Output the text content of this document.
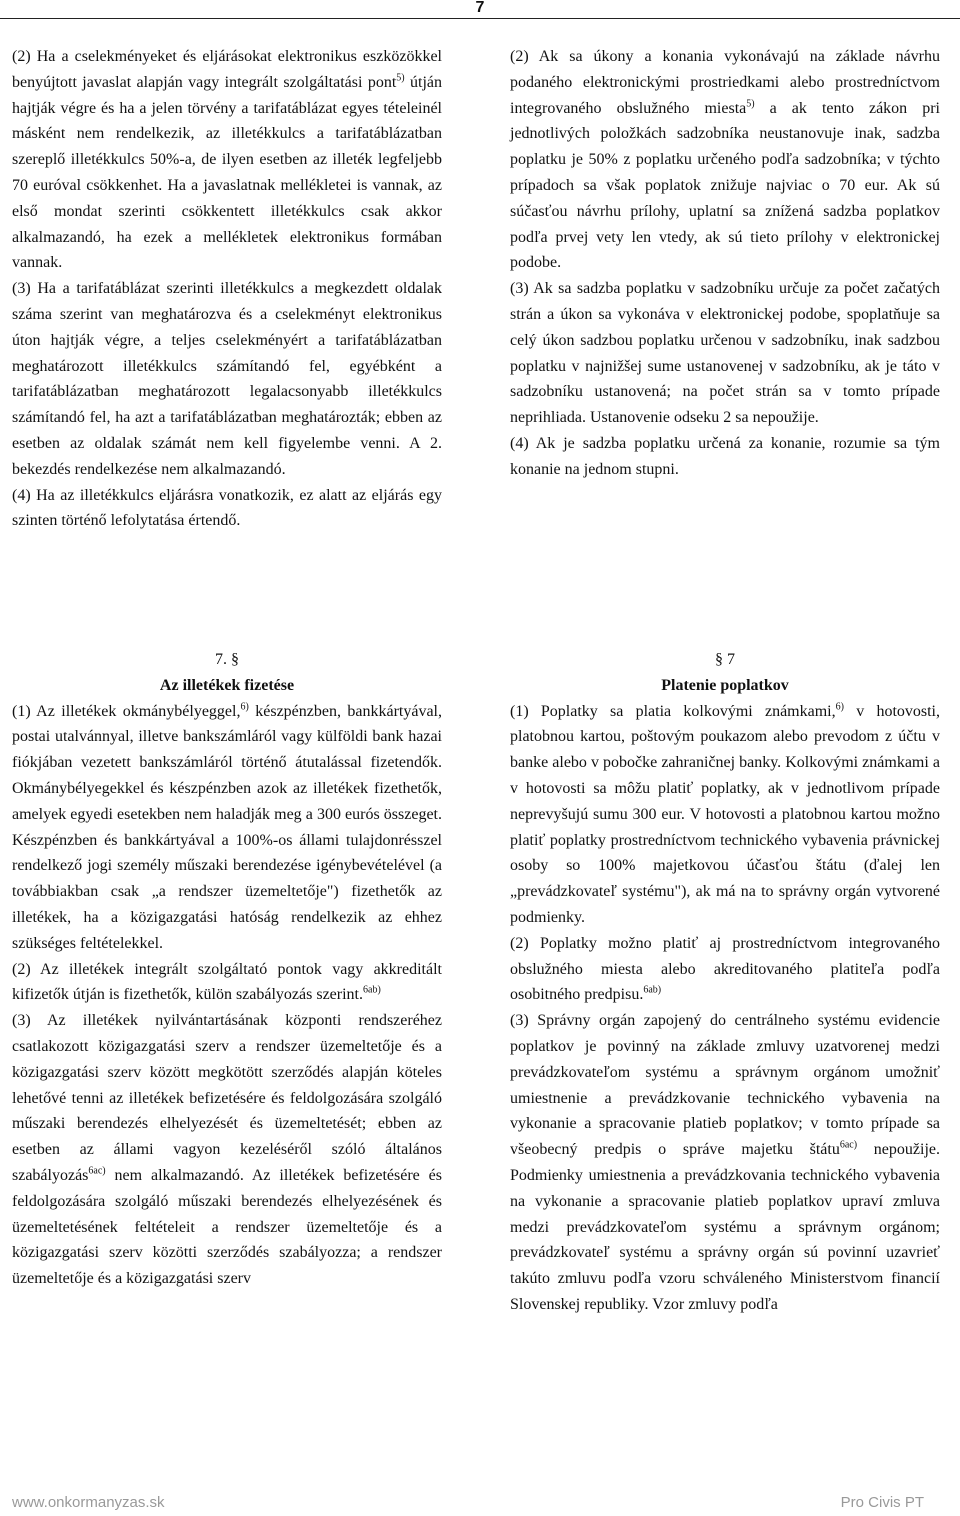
7

(2) Ha a cselekményeket és eljárásokat elektronikus eszközökkel benyújtott javaslat alapján vagy integrált szolgáltatási pont$^{5)}$ útján hajtják végre és ha a jelen törvény a tarifatáblázat egyes tételeinél másként nem rendelkezik, az illetékkulcs a tarifatáblázatban szereplő illetékkulcs 50%-a, de ilyen esetben az illeték legfeljebb 70 euróval csökkenhet. Ha a javaslatnak mellékletei is vannak, az első mondat szerinti csökkentett illetékkulcs csak akkor alkalmazandó, ha ezek a mellékletek elektronikus formában vannak.

(3) Ha a tarifatáblázat szerinti illetékkulcs a megkezdett oldalak száma szerint van meghatározva és a cselekményt elektronikus úton hajtják végre, a teljes cselekményért a tarifatáblázatban meghatározott illetékkulcs számítandó fel, egyébként a tarifatáblázatban meghatározott legalacsonyabb illetékkulcs számítandó fel, ha azt a tarifatáblázatban meghatározták; ebben az esetben az oldalak számát nem kell figyelembe venni. A 2. bekezdés rendelkezése nem alkalmazandó.

(4) Ha az illetékkulcs eljárásra vonatkozik, ez alatt az eljárás egy szinten történő lefolytatása értendő.

(2) Ak sa úkony a konania vykonávajú na základe návrhu podaného elektronickými prostriedkami alebo prostredníctvom integrovaného obslužného miesta$^{5)}$ a ak tento zákon pri jednotlivých položkách sadzobníka neustanovuje inak, sadzba poplatku je 50% z poplatku určeného podľa sadzobníka; v týchto prípadoch sa však poplatok znižuje najviac o 70 eur. Ak sú súčasťou návrhu prílohy, uplatní sa znížená sadzba poplatkov podľa prvej vety len vtedy, ak sú tieto prílohy v elektronickej podobe.

(3) Ak sa sadzba poplatku v sadzobníku určuje za počet začatých strán a úkon sa vykonáva v elektronickej podobe, spoplatňuje sa celý úkon sadzbou poplatku určenou v sadzobníku, inak sadzbou poplatku v najnižšej sume ustanovenej v sadzobníku, ak je táto v sadzobníku ustanovená; na počet strán sa v tomto prípade neprihliada. Ustanovenie odseku 2 sa nepoužije.

(4) Ak je sadzba poplatku určená za konanie, rozumie sa tým konanie na jednom stupni.

7. §

Az illetékek fizetése

(1) Az illetékek okmánybélyeggel,$^{6)}$ készpénzben, bankkártyával, postai utalvánnyal, illetve bankszámláról vagy külföldi bank hazai fiókjában vezetett bankszámláról történő átutalással fizetendők. Okmánybélyegekkel és készpénzben azok az illetékek fizethetők, amelyek egyedi esetekben nem haladják meg a 300 eurós összeget. Készpénzben és bankkártyával a 100%-os állami tulajdonrésszel rendelkező jogi személy műszaki berendezése igénybevételével (a továbbiakban csak „a rendszer üzemeltetője") fizethetők az illetékek, ha a közigazgatási hatóság rendelkezik az ehhez szükséges feltételekkel.

(2) Az illetékek integrált szolgáltató pontok vagy akkreditált kifizetők útján is fizethetők, külön szabályozás szerint.$^{6ab)}$

(3) Az illetékek nyilvántartásának központi rendszeréhez csatlakozott közigazgatási szerv a rendszer üzemeltetője és a közigazgatási szerv között megkötött szerződés alapján köteles lehetővé tenni az illetékek befizetésére és feldolgozására szolgáló műszaki berendezés elhelyezését és üzemeltetését; ebben az esetben az állami vagyon kezeléséről szóló általános szabályozás$^{6ac)}$ nem alkalmazandó. Az illetékek befizetésére és feldolgozására szolgáló műszaki berendezés elhelyezésének és üzemeltetésének feltételeit a rendszer üzemeltetője és a közigazgatási szerv közötti szerződés szabályozza; a rendszer üzemeltetője és a közigazgatási szerv

§ 7

Platenie poplatkov

(1) Poplatky sa platia kolkovými známkami,$^{6)}$ v hotovosti, platobnou kartou, poštovým poukazom alebo prevodom z účtu v banke alebo v pobočke zahraničnej banky. Kolkovými známkami a v hotovosti sa môžu platiť poplatky, ak v jednotlivom prípade neprevyšujú sumu 300 eur. V hotovosti a platobnou kartou možno platiť poplatky prostredníctvom technického vybavenia právnickej osoby so 100% majetkovou účasťou štátu (ďalej len „prevádzkovateľ systému"), ak má na to správny orgán vytvorené podmienky.

(2) Poplatky možno platiť aj prostredníctvom integrovaného obslužného miesta alebo akreditovaného platiteľa podľa osobitného predpisu.$^{6ab)}$

(3) Správny orgán zapojený do centrálneho systému evidencie poplatkov je povinný na základe zmluvy uzatvorenej medzi prevádzkovateľom systému a správnym orgánom umožniť umiestnenie a prevádzkovanie technického vybavenia na vykonanie a spracovanie platieb poplatkov; v tomto prípade sa všeobecný predpis o správe majetku štátu$^{6ac)}$ nepoužije. Podmienky umiestnenia a prevádzkovania technického vybavenia na vykonanie a spracovanie platieb poplatkov upraví zmluva medzi prevádzkovateľom systému a správnym orgánom; prevádzkovateľ systému a správny orgán sú povinní uzavrieť takúto zmluvu podľa vzoru schváleného Ministerstvom financií Slovenskej republiky. Vzor zmluvy podľa

www.onkormanyzas.sk	Pro Civis PT
